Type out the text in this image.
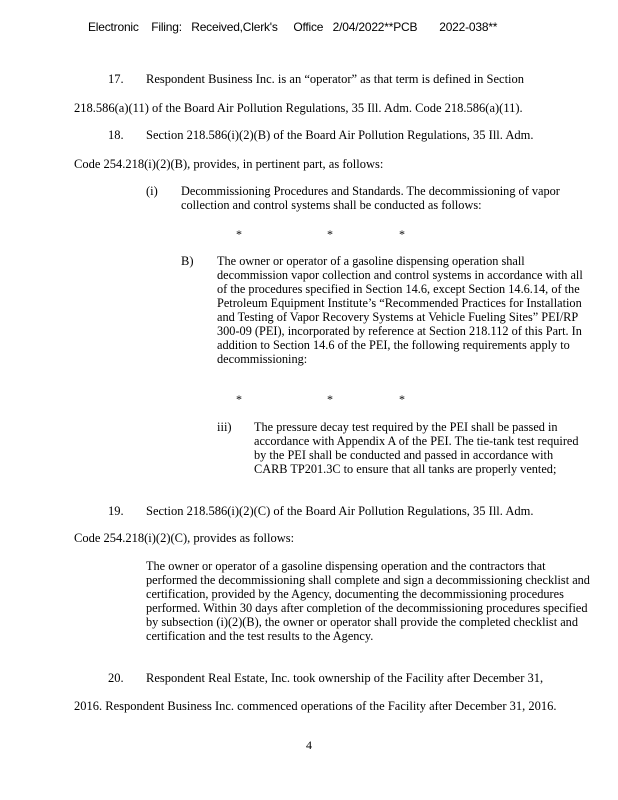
Electronic    Filing:   Received,Clerk's     Office   2/04/2022**PCB       2022-038**
17. Respondent Business Inc. is an “operator” as that term is defined in Section
218.586(a)(11) of the Board Air Pollution Regulations, 35 Ill. Adm. Code 218.586(a)(11).
18. Section 218.586(i)(2)(B) of the Board Air Pollution Regulations, 35 Ill. Adm.
Code 254.218(i)(2)(B), provides, in pertinent part, as follows:
(i) Decommissioning Procedures and Standards. The decommissioning of vapor collection and control systems shall be conducted as follows:
*	*	*
B) The owner or operator of a gasoline dispensing operation shall decommission vapor collection and control systems in accordance with all of the procedures specified in Section 14.6, except Section 14.6.14, of the Petroleum Equipment Institute’s “Recommended Practices for Installation and Testing of Vapor Recovery Systems at Vehicle Fueling Sites” PEI/RP 300-09 (PEI), incorporated by reference at Section 218.112 of this Part. In addition to Section 14.6 of the PEI, the following requirements apply to decommissioning:
*	*	*
iii) The pressure decay test required by the PEI shall be passed in accordance with Appendix A of the PEI. The tie-tank test required by the PEI shall be conducted and passed in accordance with CARB TP201.3C to ensure that all tanks are properly vented;
19. Section 218.586(i)(2)(C) of the Board Air Pollution Regulations, 35 Ill. Adm.
Code 254.218(i)(2)(C), provides as follows:
The owner or operator of a gasoline dispensing operation and the contractors that performed the decommissioning shall complete and sign a decommissioning checklist and certification, provided by the Agency, documenting the decommissioning procedures performed. Within 30 days after completion of the decommissioning procedures specified by subsection (i)(2)(B), the owner or operator shall provide the completed checklist and certification and the test results to the Agency.
20. Respondent Real Estate, Inc. took ownership of the Facility after December 31,
2016. Respondent Business Inc. commenced operations of the Facility after December 31, 2016.
4
